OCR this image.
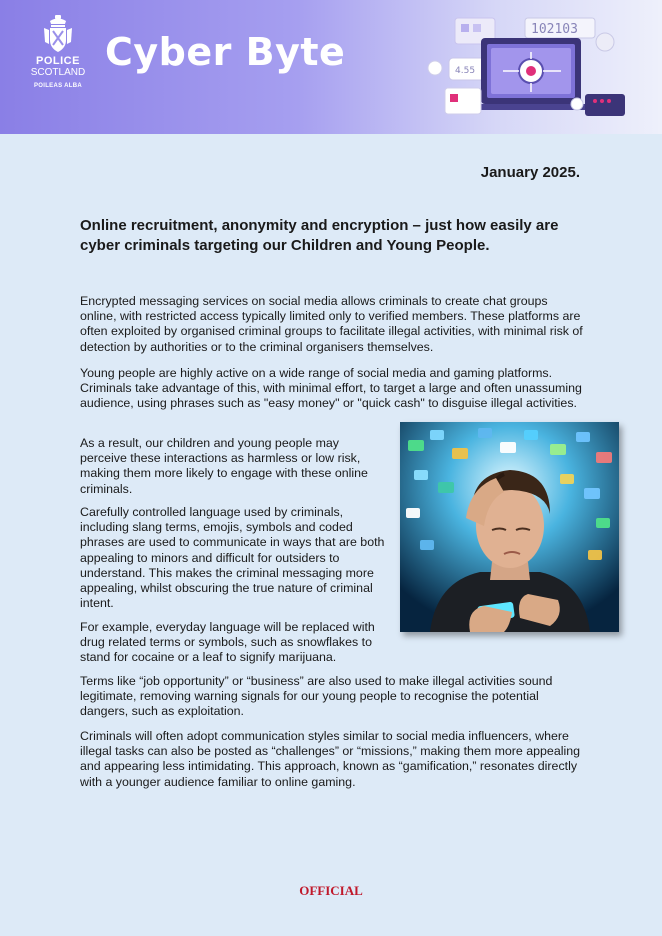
POLICE
SCOTLAND
POILEAS ALBA
Cyber Byte
102103
4.55
January 2025.
Online recruitment, anonymity and encryption – just how easily are cyber criminals targeting our Children and Young People.

Encrypted messaging services on social media allows criminals to create chat groups online, with restricted access typically limited only to verified members. These platforms are often exploited by organised criminal groups to facilitate illegal activities, with minimal risk of detection by authorities or to the criminal organisers themselves.

Young people are highly active on a wide range of social media and gaming platforms. Criminals take advantage of this, with minimal effort, to target a large and often unassuming audience, using phrases such as "easy money" or "quick cash" to disguise illegal activities.

As a result, our children and young people may perceive these interactions as harmless or low risk, making them more likely to engage with these online criminals.

Carefully controlled language used by criminals, including slang terms, emojis, symbols and coded phrases are used to communicate in ways that are both appealing to minors and difficult for outsiders to understand. This makes the criminal messaging more appealing, whilst obscuring the true nature of criminal intent.

For example, everyday language will be replaced with drug related terms or symbols, such as snowflakes to stand for cocaine or a leaf to signify marijuana.

Terms like “job opportunity” or “business” are also used to make illegal activities sound legitimate, removing warning signals for our young people to recognise the potential dangers, such as exploitation.

Criminals will often adopt communication styles similar to social media influencers, where illegal tasks can also be posted as “challenges” or “missions,” making them more appealing and appearing less intimidating. This approach, known as “gamification,” resonates directly with a younger audience familiar to online gaming.

OFFICIAL
